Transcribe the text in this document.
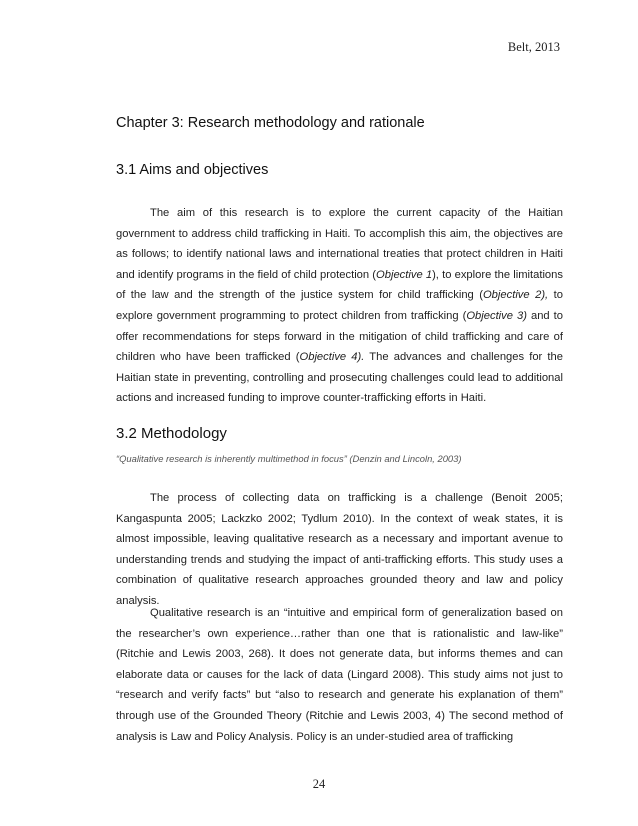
Belt, 2013
Chapter 3: Research methodology and rationale
3.1 Aims and objectives
The aim of this research is to explore the current capacity of the Haitian government to address child trafficking in Haiti. To accomplish this aim, the objectives are as follows; to identify national laws and international treaties that protect children in Haiti and identify programs in the field of child protection (Objective 1), to explore the limitations of the law and the strength of the justice system for child trafficking (Objective 2), to explore government programming to protect children from trafficking (Objective 3) and to offer recommendations for steps forward in the mitigation of child trafficking and care of children who have been trafficked (Objective 4). The advances and challenges for the Haitian state in preventing, controlling and prosecuting challenges could lead to additional actions and increased funding to improve counter-trafficking efforts in Haiti.
3.2 Methodology
“Qualitative research is inherently multimethod in focus” (Denzin and Lincoln, 2003)
The process of collecting data on trafficking is a challenge (Benoit 2005; Kangaspunta 2005; Lackzko 2002; Tydlum 2010). In the context of weak states, it is almost impossible, leaving qualitative research as a necessary and important avenue to understanding trends and studying the impact of anti-trafficking efforts. This study uses a combination of qualitative research approaches grounded theory and law and policy analysis.
Qualitative research is an “intuitive and empirical form of generalization based on the researcher’s own experience…rather than one that is rationalistic and law-like” (Ritchie and Lewis 2003, 268). It does not generate data, but informs themes and can elaborate data or causes for the lack of data (Lingard 2008). This study aims not just to “research and verify facts” but “also to research and generate his explanation of them” through use of the Grounded Theory (Ritchie and Lewis 2003, 4) The second method of analysis is Law and Policy Analysis. Policy is an under-studied area of trafficking
24
